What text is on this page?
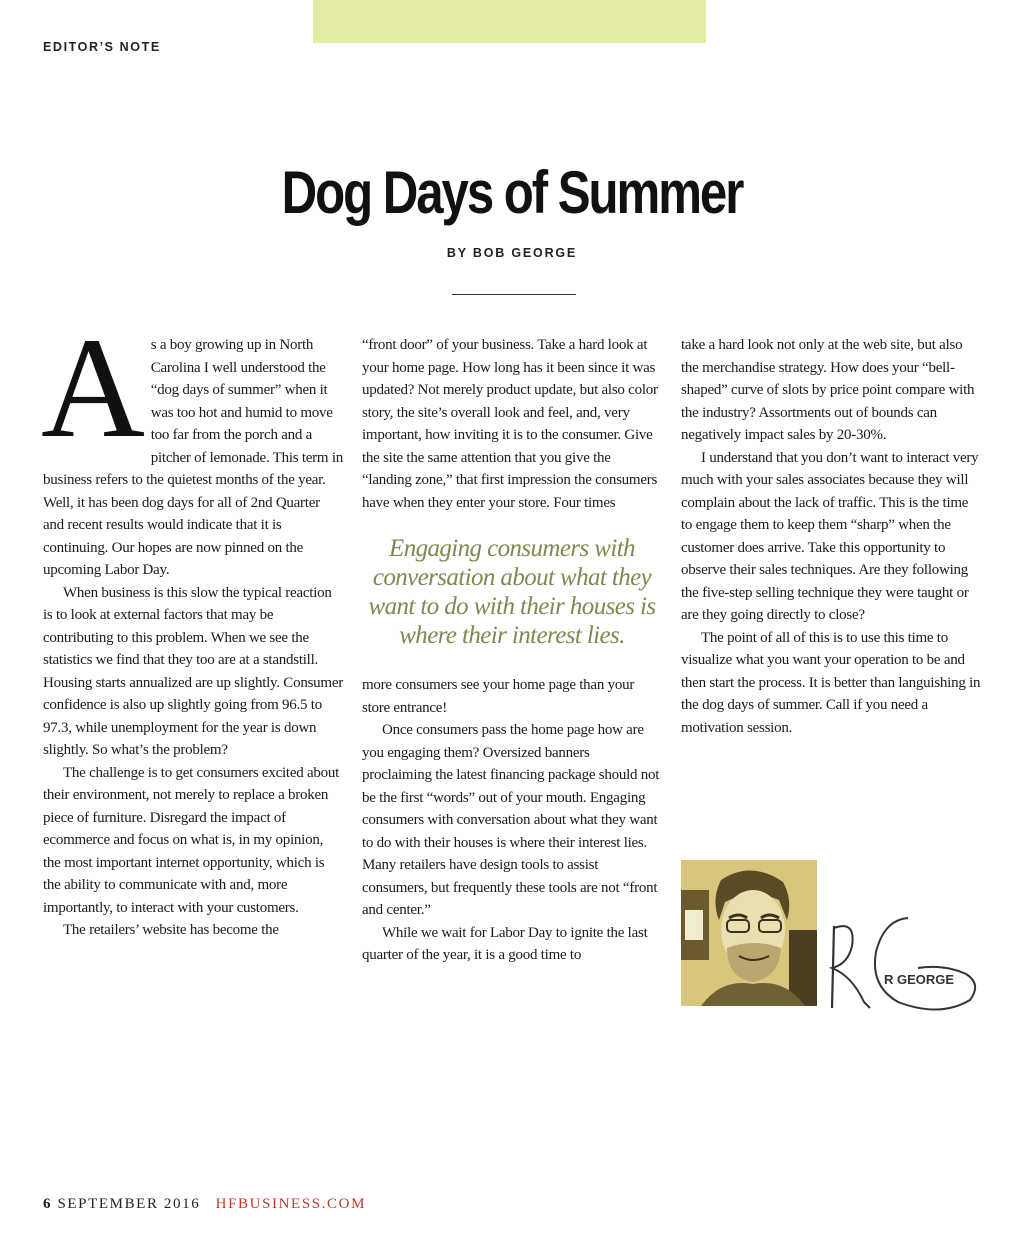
EDITOR’S NOTE
Dog Days of Summer
BY BOB GEORGE
A s a boy growing up in North Carolina I well understood the “dog days of summer” when it was too hot and humid to move too far from the porch and a pitcher of lemonade. This term in business refers to the quietest months of the year. Well, it has been dog days for all of 2nd Quarter and recent results would indicate that it is continuing. Our hopes are now pinned on the upcoming Labor Day.

When business is this slow the typical reaction is to look at external factors that may be contributing to this problem. When we see the statistics we find that they too are at a standstill. Housing starts annualized are up slightly. Consumer confidence is also up slightly going from 96.5 to 97.3, while unemployment for the year is down slightly. So what’s the problem?

The challenge is to get consumers excited about their environment, not merely to replace a broken piece of furniture. Disregard the impact of ecommerce and focus on what is, in my opinion, the most important internet opportunity, which is the ability to communicate with and, more importantly, to interact with your customers.

The retailers’ website has become the

“front door” of your business. Take a hard look at your home page. How long has it been since it was updated? Not merely product update, but also color story, the site’s overall look and feel, and, very important, how inviting it is to the consumer. Give the site the same attention that you give the “landing zone,” that first impression the consumers have when they enter your store. Four times

Engaging consumers with conversation about what they want to do with their houses is where their interest lies.

more consumers see your home page than your store entrance!

Once consumers pass the home page how are you engaging them? Oversized banners proclaiming the latest financing package should not be the first “words” out of your mouth. Engaging consumers with conversation about what they want to do with their houses is where their interest lies. Many retailers have design tools to assist consumers, but frequently these tools are not “front and center.”

While we wait for Labor Day to ignite the last quarter of the year, it is a good time to

take a hard look not only at the web site, but also the merchandise strategy. How does your “bell-shaped” curve of slots by price point compare with the industry? Assortments out of bounds can negatively impact sales by 20-30%.

I understand that you don’t want to interact very much with your sales associates because they will complain about the lack of traffic. This is the time to engage them to keep them “sharp” when the customer does arrive. Take this opportunity to observe their sales techniques. Are they following the five-step selling technique they were taught or are they going directly to close?

The point of all of this is to use this time to visualize what you want your operation to be and then start the process. It is better than languishing in the dog days of summer. Call if you need a motivation session.

R GEORGE
6 SEPTEMBER 2016 HFBUSINESS.COM
